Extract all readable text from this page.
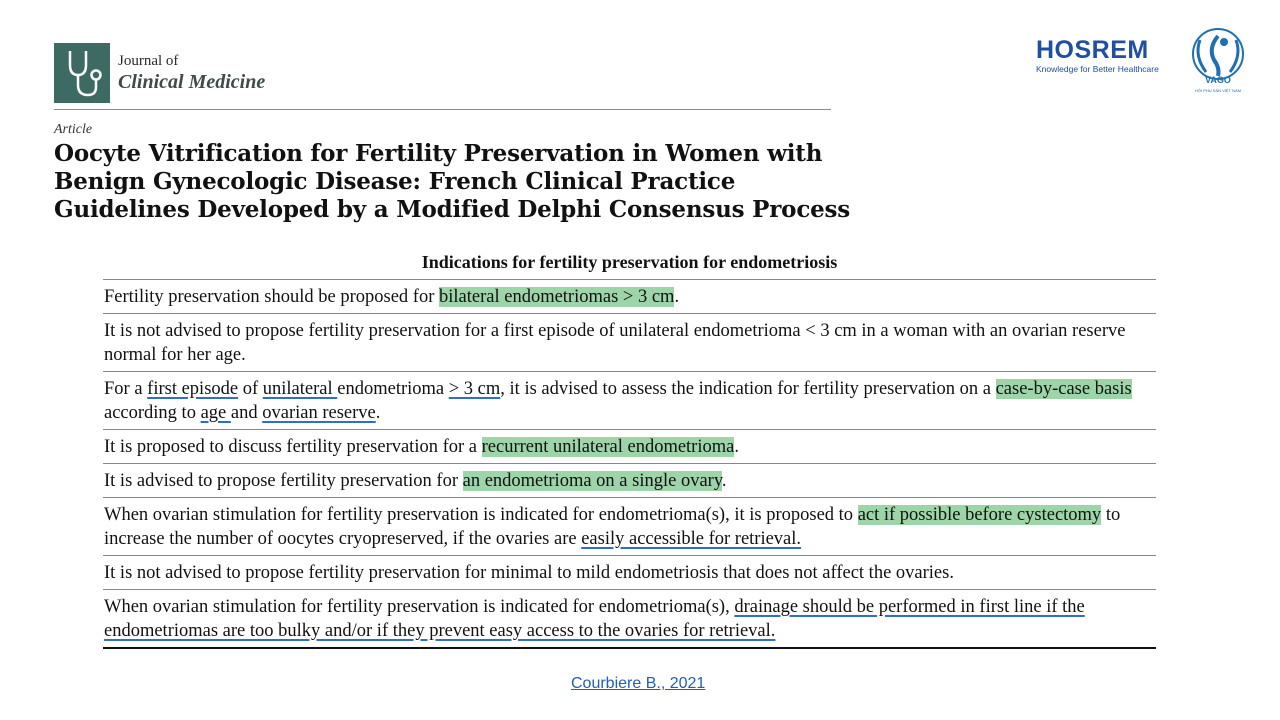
Journal of
Clinical Medicine
Article
Oocyte Vitrification for Fertility Preservation in Women with Benign Gynecologic Disease: French Clinical Practice Guidelines Developed by a Modified Delphi Consensus Process
HOSREM
Knowledge for Better Healthcare
VAGO
HỘI PHỤ SẢN VIỆT NAM
Indications for fertility preservation for endometriosis
Fertility preservation should be proposed for bilateral endometriomas > 3 cm.
It is not advised to propose fertility preservation for a first episode of unilateral endometrioma < 3 cm in a woman with an ovarian reserve normal for her age.
For a first episode of unilateral endometrioma > 3 cm, it is advised to assess the indication for fertility preservation on a case-by-case basis according to age and ovarian reserve.
It is proposed to discuss fertility preservation for a recurrent unilateral endometrioma.
It is advised to propose fertility preservation for an endometrioma on a single ovary.
When ovarian stimulation for fertility preservation is indicated for endometrioma(s), it is proposed to act if possible before cystectomy to increase the number of oocytes cryopreserved, if the ovaries are easily accessible for retrieval.
It is not advised to propose fertility preservation for minimal to mild endometriosis that does not affect the ovaries.
When ovarian stimulation for fertility preservation is indicated for endometrioma(s), drainage should be performed in first line if the endometriomas are too bulky and/or if they prevent easy access to the ovaries for retrieval.
Courbiere B., 2021
